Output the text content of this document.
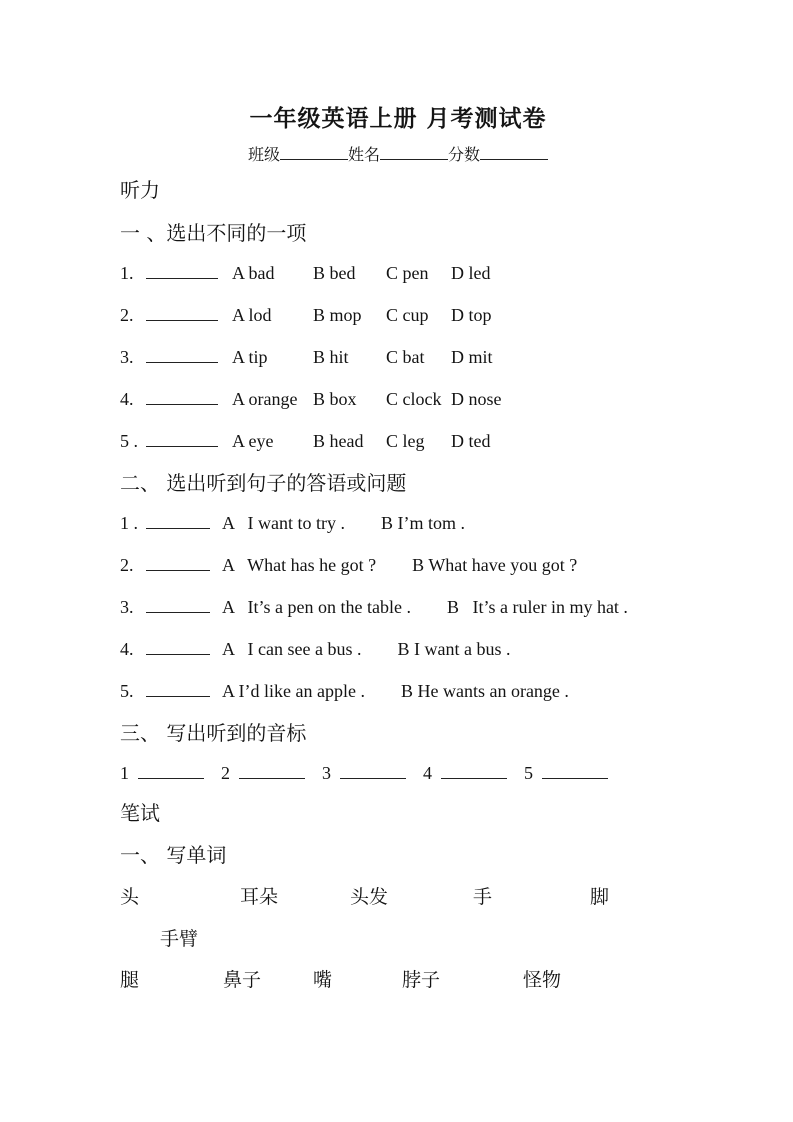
一年级英语上册 月考测试卷
班级	姓名	分数
听力
一 、选出不同的一项
1.	A bad	B bed	C pen	D led
2.	A lod	B mop	C cup	D top
3.	A tip	B hit	C bat	D mit
4.	A orange B box	C clock D nose
5 .	A eye	B head	C leg	D ted
二、 选出听到句子的答语或问题
1 .	A   I want to try . B I’m tom .
2.	A   What has he got ? B What have you got ?
3.	A   It’s a pen on the table . B   It’s a ruler in my hat .
4.	A   I can see a bus . B I want a bus .
5.	A I’d like an apple . B He wants an orange .
三、 写出听到的音标
1	2	3	4	5
笔试
一、 写单词
头	耳朵	头发	手	脚
手臂
腿	鼻子	嘴	脖子	怪物
